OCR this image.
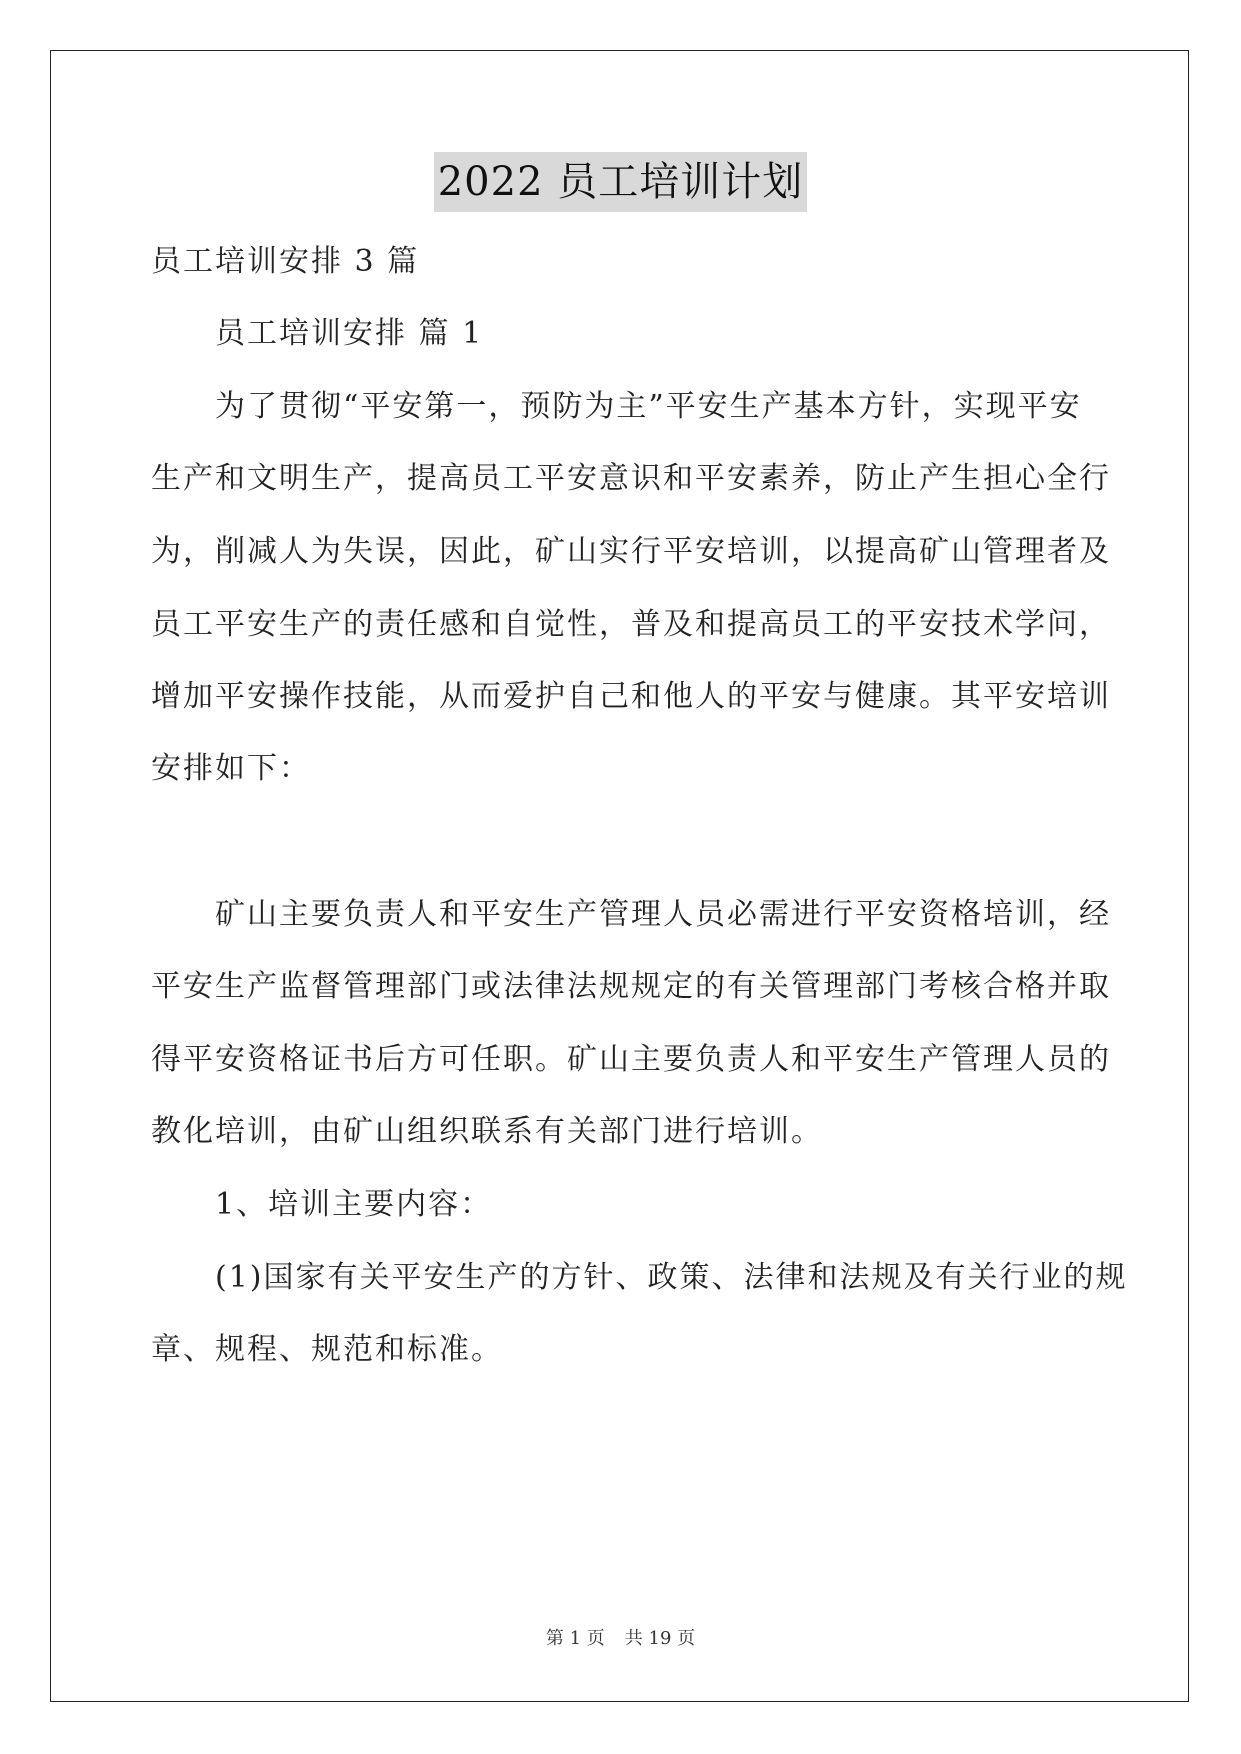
2022 员工培训计划

员工培训安排 3 篇

员工培训安排 篇 1

为了贯彻“平安第一，预防为主”平安生产基本方针，实现平安

生产和文明生产，提高员工平安意识和平安素养，防止产生担心全行

为，削减人为失误，因此，矿山实行平安培训，以提高矿山管理者及

员工平安生产的责任感和自觉性，普及和提高员工的平安技术学问，

增加平安操作技能，从而爱护自己和他人的平安与健康。其平安培训

安排如下：

矿山主要负责人和平安生产管理人员必需进行平安资格培训，经

平安生产监督管理部门或法律法规规定的有关管理部门考核合格并取

得平安资格证书后方可任职。矿山主要负责人和平安生产管理人员的

教化培训，由矿山组织联系有关部门进行培训。

1、培训主要内容：

(1)国家有关平安生产的方针、政策、法律和法规及有关行业的规

章、规程、规范和标准。

第 1 页 共 19 页
